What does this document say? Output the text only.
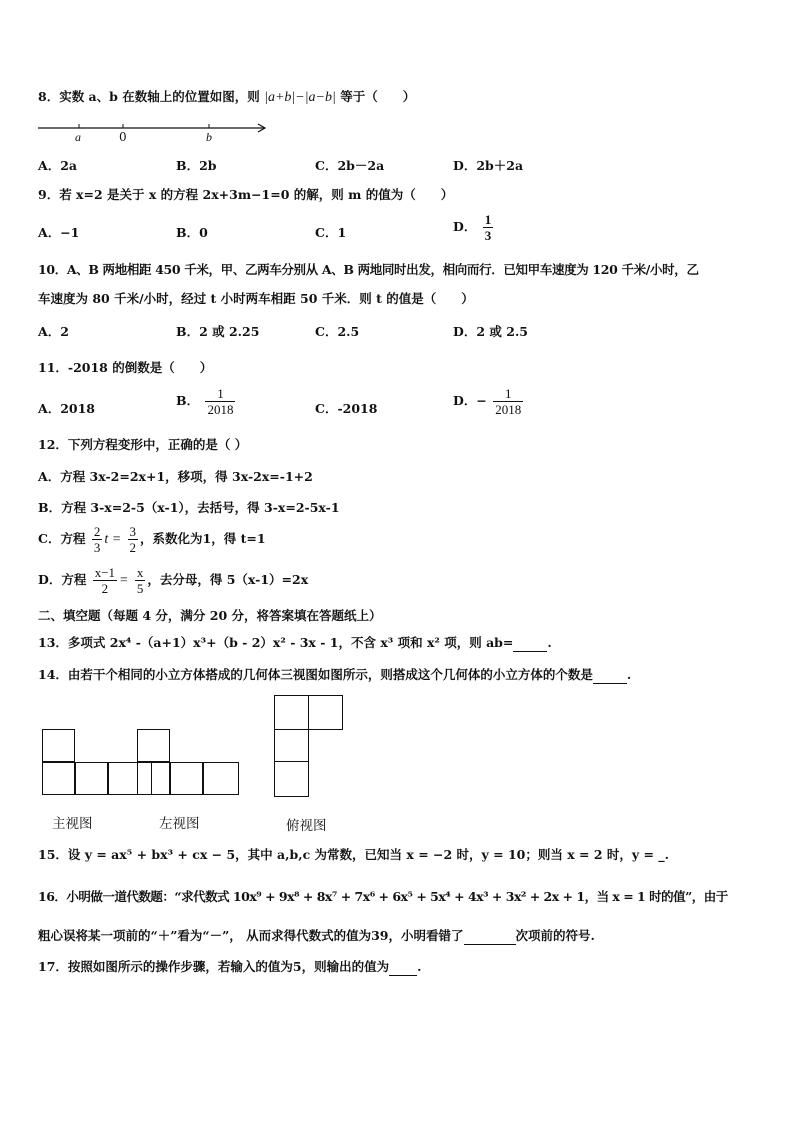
8．实数 a、b 在数轴上的位置如图，则 |a+b|−|a−b| 等于（　　）
a	0	b
A．2a	B．2b	C．2b－2a	D．2b＋2a
9．若 x=2 是关于 x 的方程 2x+3m−1=0 的解，则 m 的值为（　　）
A．−1	B．0	C．1	D． $\frac{1}{3}$
10．A、B 两地相距 450 千米，甲、乙两车分别从 A、B 两地同时出发，相向而行．已知甲车速度为 120 千米/小时，乙
车速度为 80 千米/小时，经过 t 小时两车相距 50 千米．则 t 的值是（　　）
A．2	B．2 或 2.25	C．2.5	D．2 或 2.5
11．-2018 的倒数是（　　）
A．2018
B． $\frac{1}{2018}$	C．-2018
D．− $\frac{1}{2018}$
12．下列方程变形中，正确的是（ ）
A．方程 3x-2=2x+1，移项，得 3x-2x=-1+2
B．方程 3-x=2-5（x-1），去括号，得 3-x=2-5x-1
C．方程 $\frac{2}{3}$ $t = \frac{3}{2}$ ，系数化为1，得 t=1
D．方程 $\frac{x-1}{2} = \frac{x}{5}$ ，去分母，得 5（x-1）=2x
二、填空题（每题 4 分，满分 20 分，将答案填在答题纸上）
13．多项式 2x⁴ -（a+1）x³+（b - 2）x² - 3x - 1，不含 x³ 项和 x² 项，则 ab=	.
14．由若干个相同的小立方体搭成的几何体三视图如图所示，则搭成这个几何体的小立方体的个数是	.
主视图	左视图	俯视图
15．设 y = ax⁵ + bx³ + cx − 5，其中 a,b,c 为常数，已知当 x = −2 时，y = 10；则当 x = 2 时，y = _.
16．小明做一道代数题：“求代数式 10x⁹ + 9x⁸ + 8x⁷ + 7x⁶ + 6x⁵ + 5x⁴ + 4x³ + 3x² + 2x + 1，当 x = 1 时的值”，由于
粗心误将某一项前的“＋”看为“－”， 从而求得代数式的值为39，小明看错了	次项前的符号.
17．按照如图所示的操作步骤，若输入的值为5，则输出的值为 .
